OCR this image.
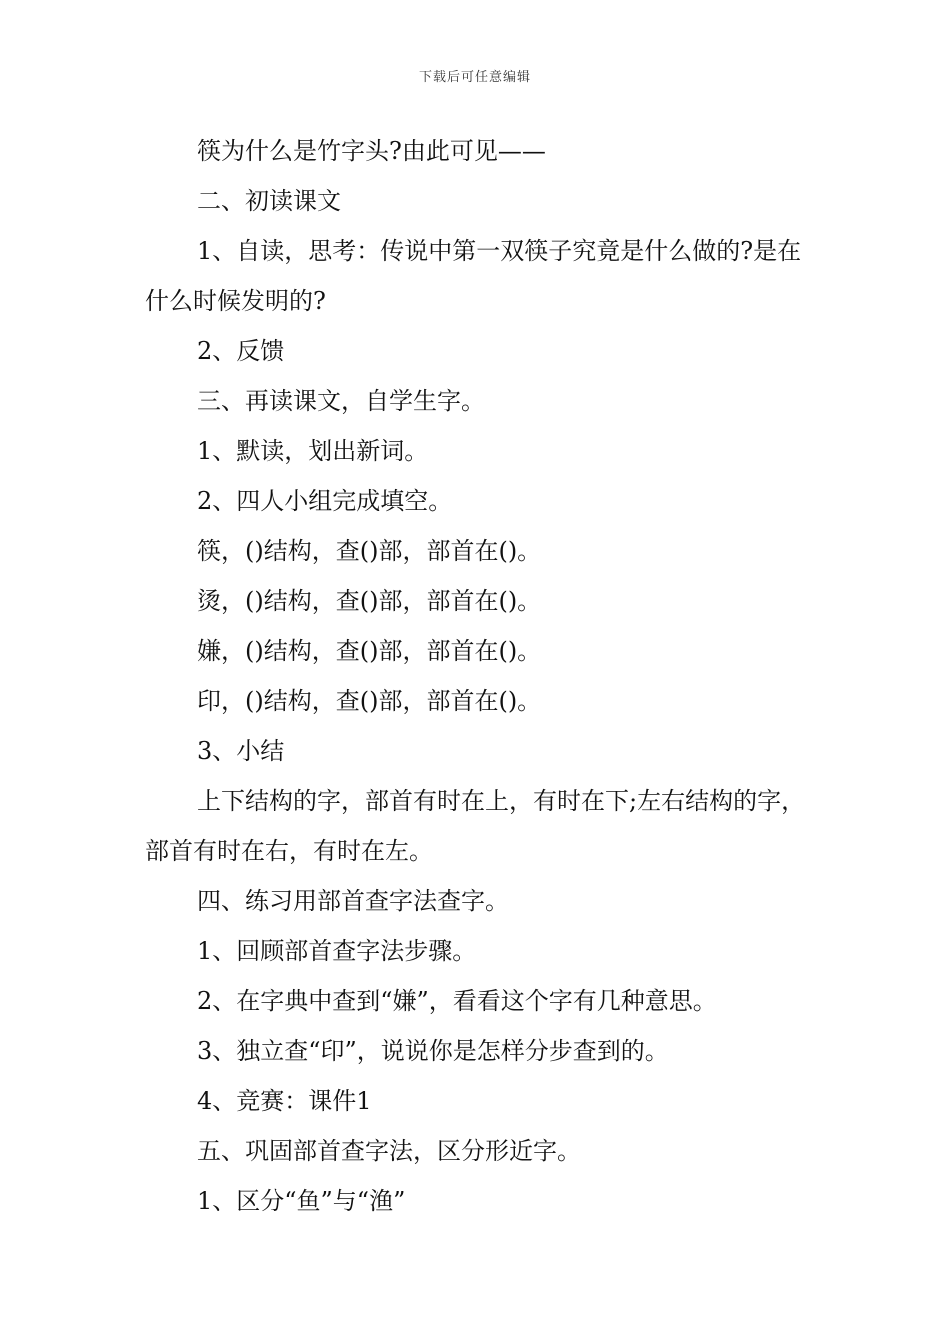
下载后可任意编辑

筷为什么是竹字头?由此可见——

二、初读课文

1、自读，思考：传说中第一双筷子究竟是什么做的?是在什么时候发明的?

2、反馈

三、再读课文，自学生字。

1、默读，划出新词。

2、四人小组完成填空。

筷，()结构，查()部，部首在()。

烫，()结构，查()部，部首在()。

嫌，()结构，查()部，部首在()。

印，()结构，查()部，部首在()。

3、小结

上下结构的字，部首有时在上，有时在下;左右结构的字，部首有时在右，有时在左。

四、练习用部首查字法查字。

1、回顾部首查字法步骤。

2、在字典中查到“嫌”，看看这个字有几种意思。

3、独立查“印”，说说你是怎样分步查到的。

4、竞赛：课件1

五、巩固部首查字法，区分形近字。

1、区分“鱼”与“渔”
